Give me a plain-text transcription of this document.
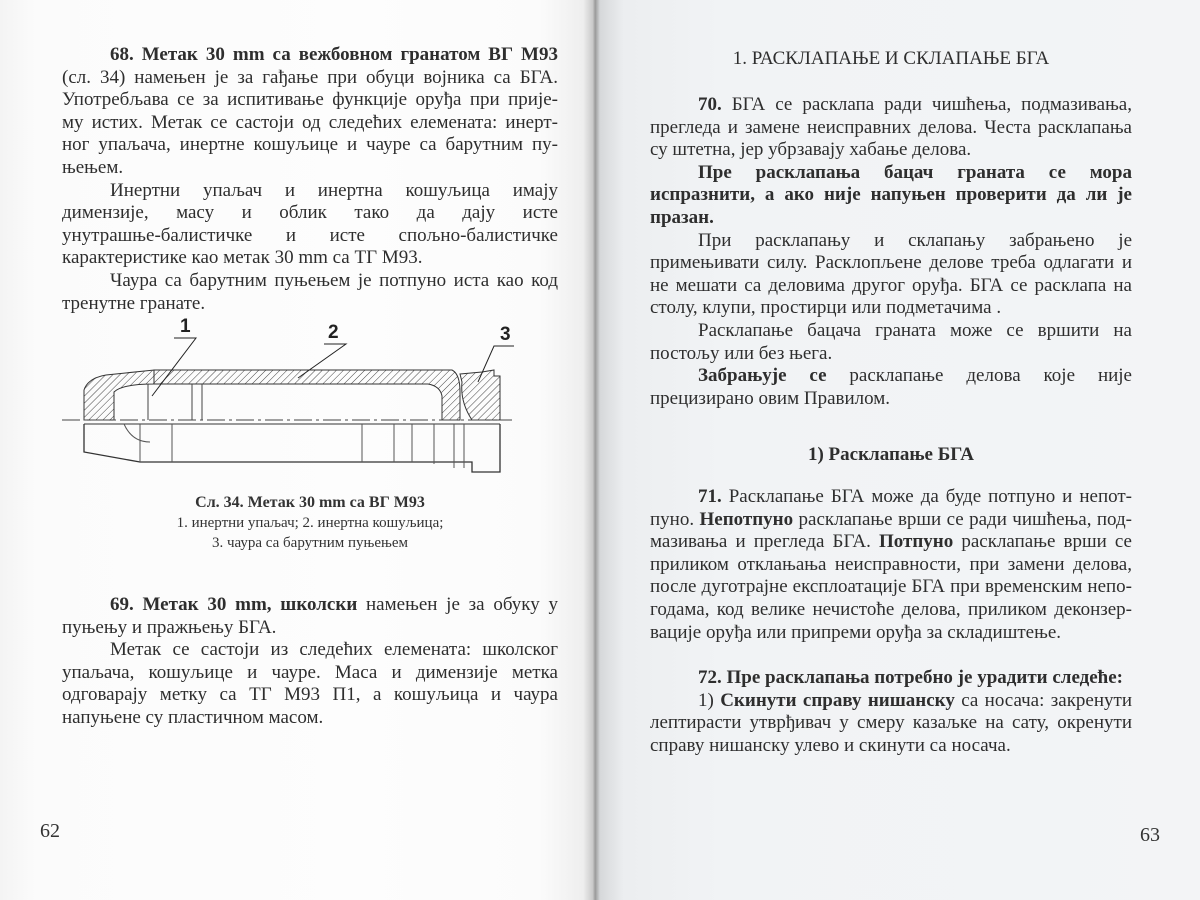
68. Метак 30 mm са вежбовном гранатом ВГ М93
(сл. 34) намењен је за гађање при обуци војника са БГА.
Употребљава се за испитивање функције оруђа при прије-
му истих. Метак се састоји од следећих елемената: инерт-
ног упаљача, инертне кошуљице и чауре са барутним пу-
њењем.
Инертни упаљач и инертна кошуљица имају
димензије, масу и облик тако да дају исте
унутрашње-балистичке и исте спољно-балистичке
карактеристике као метак 30 mm са ТГ М93.
Чаура са барутним пуњењем је потпуно иста као код
тренутне гранате.
1	2	3
Сл. 34. Метак 30 mm са ВГ М93
1. инертни упаљач; 2. инертна кошуљица;
3. чаура са барутним пуњењем
69. Метак 30 mm, школски намењен је за обуку у
пуњењу и пражњењу БГА.
Метак се састоји из следећих елемената: школског
упаљача, кошуљице и чауре. Маса и димензије метка
одговарају метку са ТГ М93 П1, а кошуљица и чаура
напуњене су пластичном масом.
62
1. РАСКЛАПАЊЕ И СКЛАПАЊЕ БГА
70. БГА се расклапа ради чишћења, подмазивања,
прегледа и замене неисправних делова. Честа расклапања
су штетна, јер убрзавају хабање делова.
Пре расклапања бацач граната се мора
испразнити, а ако није напуњен проверити да ли је
празан.
При расклапању и склапању забрањено је
примењивати силу. Расклопљене делове треба одлагати и
не мешати са деловима другог оруђа. БГА се расклапа на
столу, клупи, простирци или подметачима .
Расклапање бацача граната може се вршити на
постољу или без њега.
Забрањује се расклапање делова које није
прецизирано овим Правилом.
1) Расклапање БГА
71. Расклапање БГА може да буде потпуно и непот-
пуно. Непотпуно расклапање врши се ради чишћења, под-
мазивања и прегледа БГА. Потпуно расклапање врши се
приликом отклањања неисправности, при замени делова,
после дуготрајне експлоатације БГА при временским непо-
годама, код велике нечистоће делова, приликом деконзер-
вације оруђа или припреми оруђа за складиштење.
72. Пре расклапања потребно је урадити следеће:
1) Скинути справу нишанску са носача: закренути
лептирасти утврђивач у смеру казаљке на сату, окренути
справу нишанску улево и скинути са носача.
63
